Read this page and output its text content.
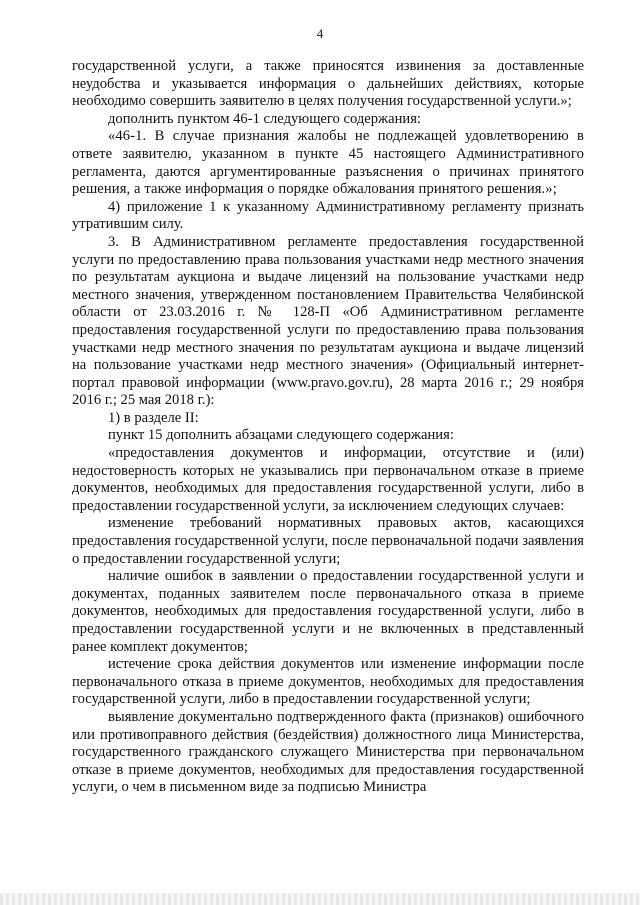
4

государственной услуги, а также приносятся извинения за доставленные неудобства и указывается информация о дальнейших действиях, которые необходимо совершить заявителю в целях получения государственной услуги.»;

дополнить пунктом 46-1 следующего содержания:

«46-1. В случае признания жалобы не подлежащей удовлетворению в ответе заявителю, указанном в пункте 45 настоящего Административного регламента, даются аргументированные разъяснения о причинах принятого решения, а также информация о порядке обжалования принятого решения.»;

4) приложение 1 к указанному Административному регламенту признать утратившим силу.

3. В Административном регламенте предоставления государственной услуги по предоставлению права пользования участками недр местного значения по результатам аукциона и выдаче лицензий на пользование участками недр местного значения, утвержденном постановлением Правительства Челябинской области от 23.03.2016 г. № 128-П «Об Административном регламенте предоставления государственной услуги по предоставлению права пользования участками недр местного значения по результатам аукциона и выдаче лицензий на пользование участками недр местного значения» (Официальный интернет-портал правовой информации (www.pravo.gov.ru), 28 марта 2016 г.; 29 ноября 2016 г.; 25 мая 2018 г.):

1) в разделе II:

пункт 15 дополнить абзацами следующего содержания:

«предоставления документов и информации, отсутствие и (или) недостоверность которых не указывались при первоначальном отказе в приеме документов, необходимых для предоставления государственной услуги, либо в предоставлении государственной услуги, за исключением следующих случаев:

изменение требований нормативных правовых актов, касающихся предоставления государственной услуги, после первоначальной подачи заявления о предоставлении государственной услуги;

наличие ошибок в заявлении о предоставлении государственной услуги и документах, поданных заявителем после первоначального отказа в приеме документов, необходимых для предоставления государственной услуги, либо в предоставлении государственной услуги и не включенных в представленный ранее комплект документов;

истечение срока действия документов или изменение информации после первоначального отказа в приеме документов, необходимых для предоставления государственной услуги, либо в предоставлении государственной услуги;

выявление документально подтвержденного факта (признаков) ошибочного или противоправного действия (бездействия) должностного лица Министерства, государственного гражданского служащего Министерства при первоначальном отказе в приеме документов, необходимых для предоставления государственной услуги, о чем в письменном виде за подписью Министра
